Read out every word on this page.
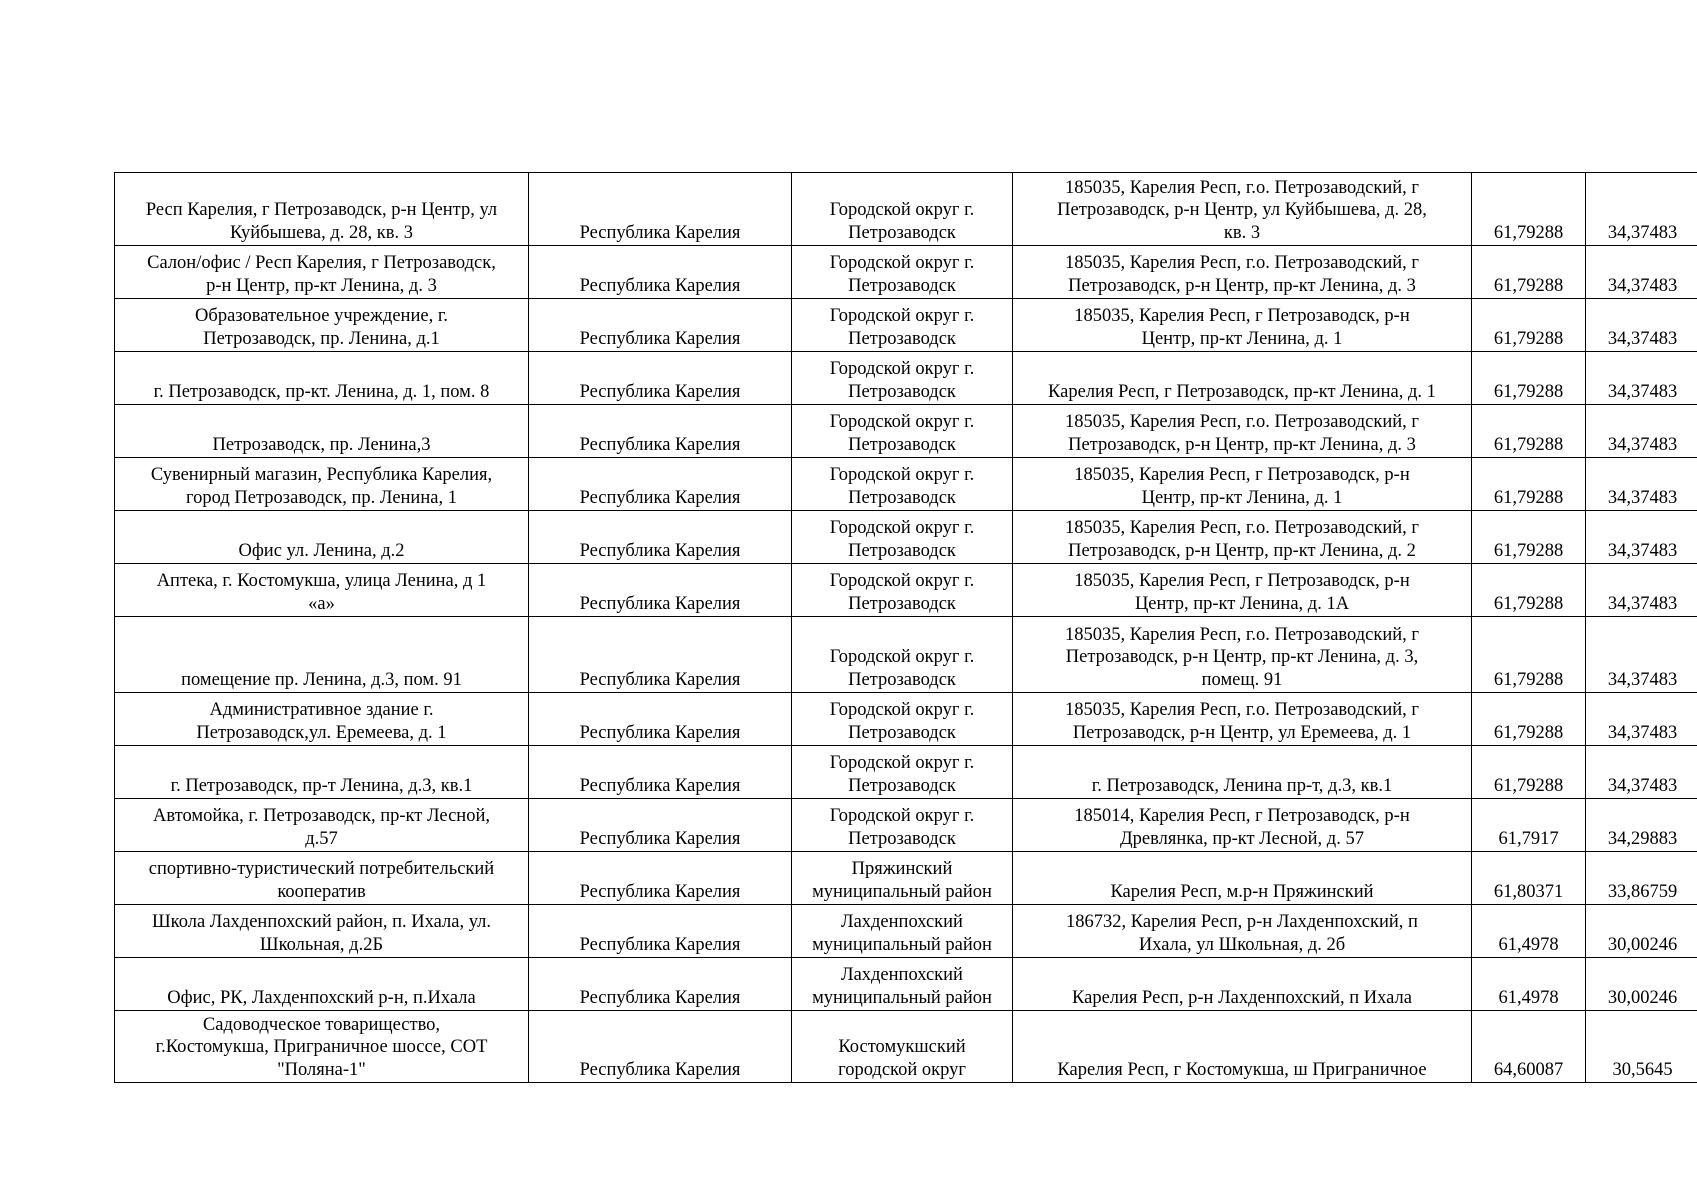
Респ Карелия, г Петрозаводск, р-н Центр, ул
Куйбышева, д. 28, кв. 3	Республика Карелия	Городской округ г.
Петрозаводск	185035, Карелия Респ, г.о. Петрозаводский, г
Петрозаводск, р-н Центр, ул Куйбышева, д. 28,
кв. 3	61,79288	34,37483
Салон/офис / Респ Карелия, г Петрозаводск,
р-н Центр, пр-кт Ленина, д. 3	Республика Карелия	Городской округ г.
Петрозаводск	185035, Карелия Респ, г.о. Петрозаводский, г
Петрозаводск, р-н Центр, пр-кт Ленина, д. 3	61,79288	34,37483
Образовательное учреждение, г.
Петрозаводск, пр. Ленина, д.1	Республика Карелия	Городской округ г.
Петрозаводск	185035, Карелия Респ, г Петрозаводск, р-н
Центр, пр-кт Ленина, д. 1	61,79288	34,37483
г. Петрозаводск, пр-кт. Ленина, д. 1, пом. 8	Республика Карелия	Городской округ г.
Петрозаводск	Карелия Респ, г Петрозаводск, пр-кт Ленина, д. 1	61,79288	34,37483
Петрозаводск, пр. Ленина,3	Республика Карелия	Городской округ г.
Петрозаводск	185035, Карелия Респ, г.о. Петрозаводский, г
Петрозаводск, р-н Центр, пр-кт Ленина, д. 3	61,79288	34,37483
Сувенирный магазин, Республика Карелия,
город Петрозаводск, пр. Ленина, 1	Республика Карелия	Городской округ г.
Петрозаводск	185035, Карелия Респ, г Петрозаводск, р-н
Центр, пр-кт Ленина, д. 1	61,79288	34,37483
Офис ул. Ленина, д.2	Республика Карелия	Городской округ г.
Петрозаводск	185035, Карелия Респ, г.о. Петрозаводский, г
Петрозаводск, р-н Центр, пр-кт Ленина, д. 2	61,79288	34,37483
Аптека, г. Костомукша, улица Ленина, д 1
«а»	Республика Карелия	Городской округ г.
Петрозаводск	185035, Карелия Респ, г Петрозаводск, р-н
Центр, пр-кт Ленина, д. 1А	61,79288	34,37483
помещение пр. Ленина, д.3, пом. 91	Республика Карелия	Городской округ г.
Петрозаводск	185035, Карелия Респ, г.о. Петрозаводский, г
Петрозаводск, р-н Центр, пр-кт Ленина, д. 3,
помещ. 91	61,79288	34,37483
Административное здание г.
Петрозаводск,ул. Еремеева, д. 1	Республика Карелия	Городской округ г.
Петрозаводск	185035, Карелия Респ, г.о. Петрозаводский, г
Петрозаводск, р-н Центр, ул Еремеева, д. 1	61,79288	34,37483
г. Петрозаводск, пр-т Ленина, д.3, кв.1	Республика Карелия	Городской округ г.
Петрозаводск	г. Петрозаводск, Ленина пр-т, д.3, кв.1	61,79288	34,37483
Автомойка, г. Петрозаводск, пр-кт Лесной,
д.57	Республика Карелия	Городской округ г.
Петрозаводск	185014, Карелия Респ, г Петрозаводск, р-н
Древлянка, пр-кт Лесной, д. 57	61,7917	34,29883
спортивно-туристический потребительский
кооператив	Республика Карелия	Пряжинский
муниципальный район	Карелия Респ, м.р-н Пряжинский	61,80371	33,86759
Школа Лахденпохский район, п. Ихала, ул.
Школьная, д.2Б	Республика Карелия	Лахденпохский
муниципальный район	186732, Карелия Респ, р-н Лахденпохский, п
Ихала, ул Школьная, д. 2б	61,4978	30,00246
Офис, РК, Лахденпохский р-н, п.Ихала	Республика Карелия	Лахденпохский
муниципальный район	Карелия Респ, р-н Лахденпохский, п Ихала	61,4978	30,00246
Садоводческое товарищество,
г.Костомукша, Приграничное шоссе, СОТ
"Поляна-1"	Республика Карелия	Костомукшский
городской округ	Карелия Респ, г Костомукша, ш Приграничное	64,60087	30,5645
